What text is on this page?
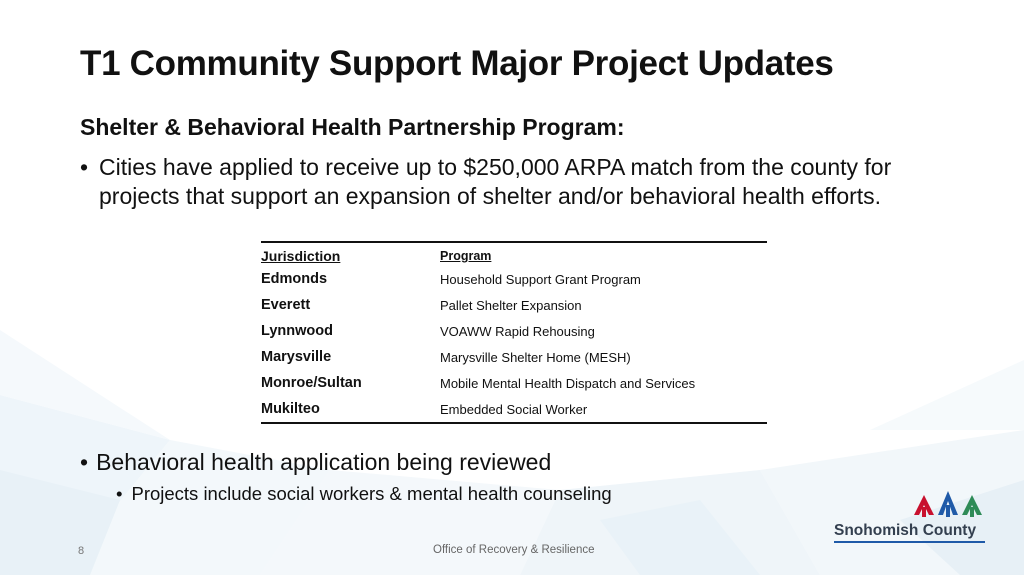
T1 Community Support Major Project Updates
Shelter & Behavioral Health Partnership Program:
• Cities have applied to receive up to $250,000 ARPA match from the county for projects that support an expansion of shelter and/or behavioral health efforts.
Jurisdiction	Program
Edmonds	Household Support Grant Program
Everett	Pallet Shelter Expansion
Lynnwood	VOAWW Rapid Rehousing
Marysville	Marysville Shelter Home (MESH)
Monroe/Sultan	Mobile Mental Health Dispatch and Services
Mukilteo	Embedded Social Worker
• Behavioral health application being reviewed
• Projects include social workers & mental health counseling
8	Office of Recovery & Resilience
Snohomish County
